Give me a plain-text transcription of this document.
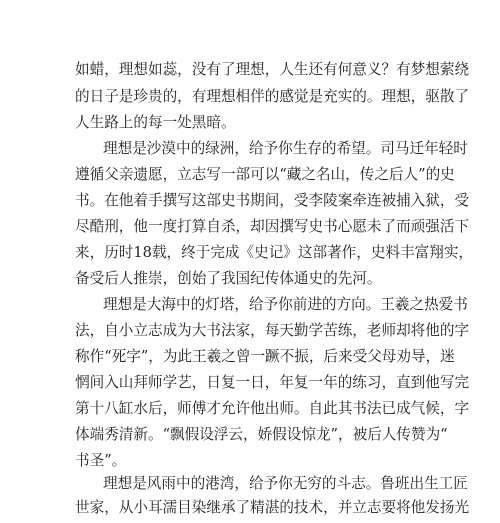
如蜡，理想如蕊，没有了理想，人生还有何意义？有梦想萦绕
的日子是珍贵的，有理想相伴的感觉是充实的。理想，驱散了
人生路上的每一处黑暗。
理想是沙漠中的绿洲，给予你生存的希望。司马迁年轻时
遵循父亲遗愿，立志写一部可以“藏之名山，传之后人”的史
书。在他着手撰写这部史书期间，受李陵案牵连被捕入狱，受
尽酷刑，他一度打算自杀，却因撰写史书心愿未了而顽强活下
来，历时18载，终于完成《史记》这部著作，史料丰富翔实，
备受后人推崇，创始了我国纪传体通史的先河。
理想是大海中的灯塔，给予你前进的方向。王羲之热爱书
法，自小立志成为大书法家，每天勤学苦练，老师却将他的字
称作“死字”，为此王羲之曾一蹶不振，后来受父母劝导，迷
惘间入山拜师学艺，日复一日，年复一年的练习，直到他写完
第十八缸水后，师傅才允许他出师。自此其书法已成气候，字
体端秀清新。“飘假设浮云，娇假设惊龙”，被后人传赞为“
书圣”。
理想是风雨中的港湾，给予你无穷的斗志。鲁班出生工匠
世家，从小耳濡目染继承了精湛的技术，并立志要将他发扬光
